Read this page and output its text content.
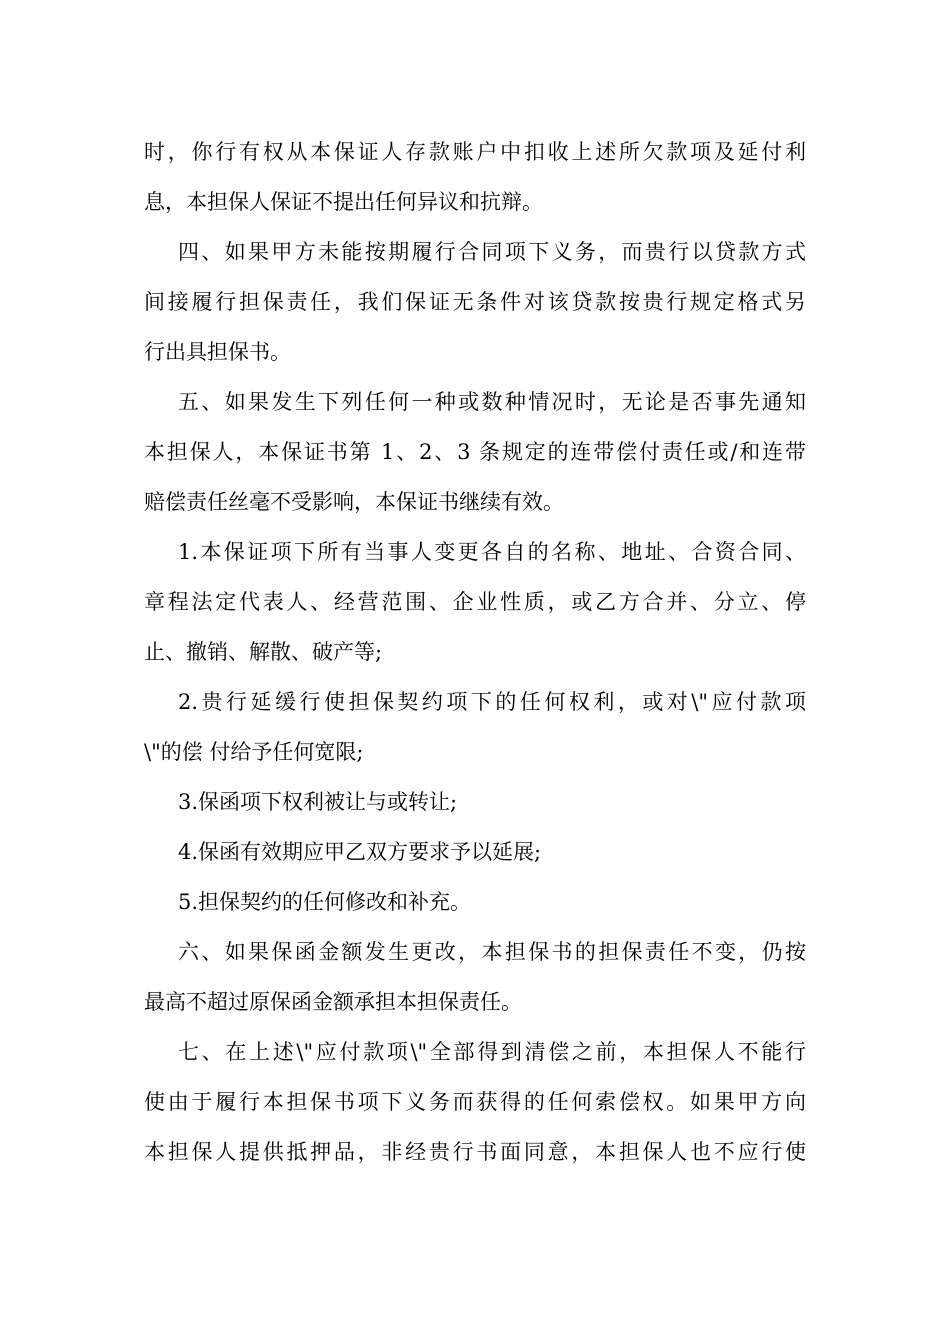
时，你行有权从本保证人存款账户中扣收上述所欠款项及延付利
息，本担保人保证不提出任何异议和抗辩。
四、如果甲方未能按期履行合同项下义务，而贵行以贷款方式
间接履行担保责任，我们保证无条件对该贷款按贵行规定格式另
行出具担保书。
五、如果发生下列任何一种或数种情况时，无论是否事先通知
本担保人，本保证书第 1、2、3 条规定的连带偿付责任或/和连带
赔偿责任丝毫不受影响，本保证书继续有效。
1.本保证项下所有当事人变更各自的名称、地址、合资合同、
章程法定代表人、经营范围、企业性质，或乙方合并、分立、停
止、撤销、解散、破产等;
2.贵行延缓行使担保契约项下的任何权利，或对\"应付款项
\"的偿 付给予任何宽限;
3.保函项下权利被让与或转让;
4.保函有效期应甲乙双方要求予以延展;
5.担保契约的任何修改和补充。
六、如果保函金额发生更改，本担保书的担保责任不变，仍按
最高不超过原保函金额承担本担保责任。
七、在上述\"应付款项\"全部得到清偿之前，本担保人不能行
使由于履行本担保书项下义务而获得的任何索偿权。如果甲方向
本担保人提供抵押品，非经贵行书面同意，本担保人也不应行使
